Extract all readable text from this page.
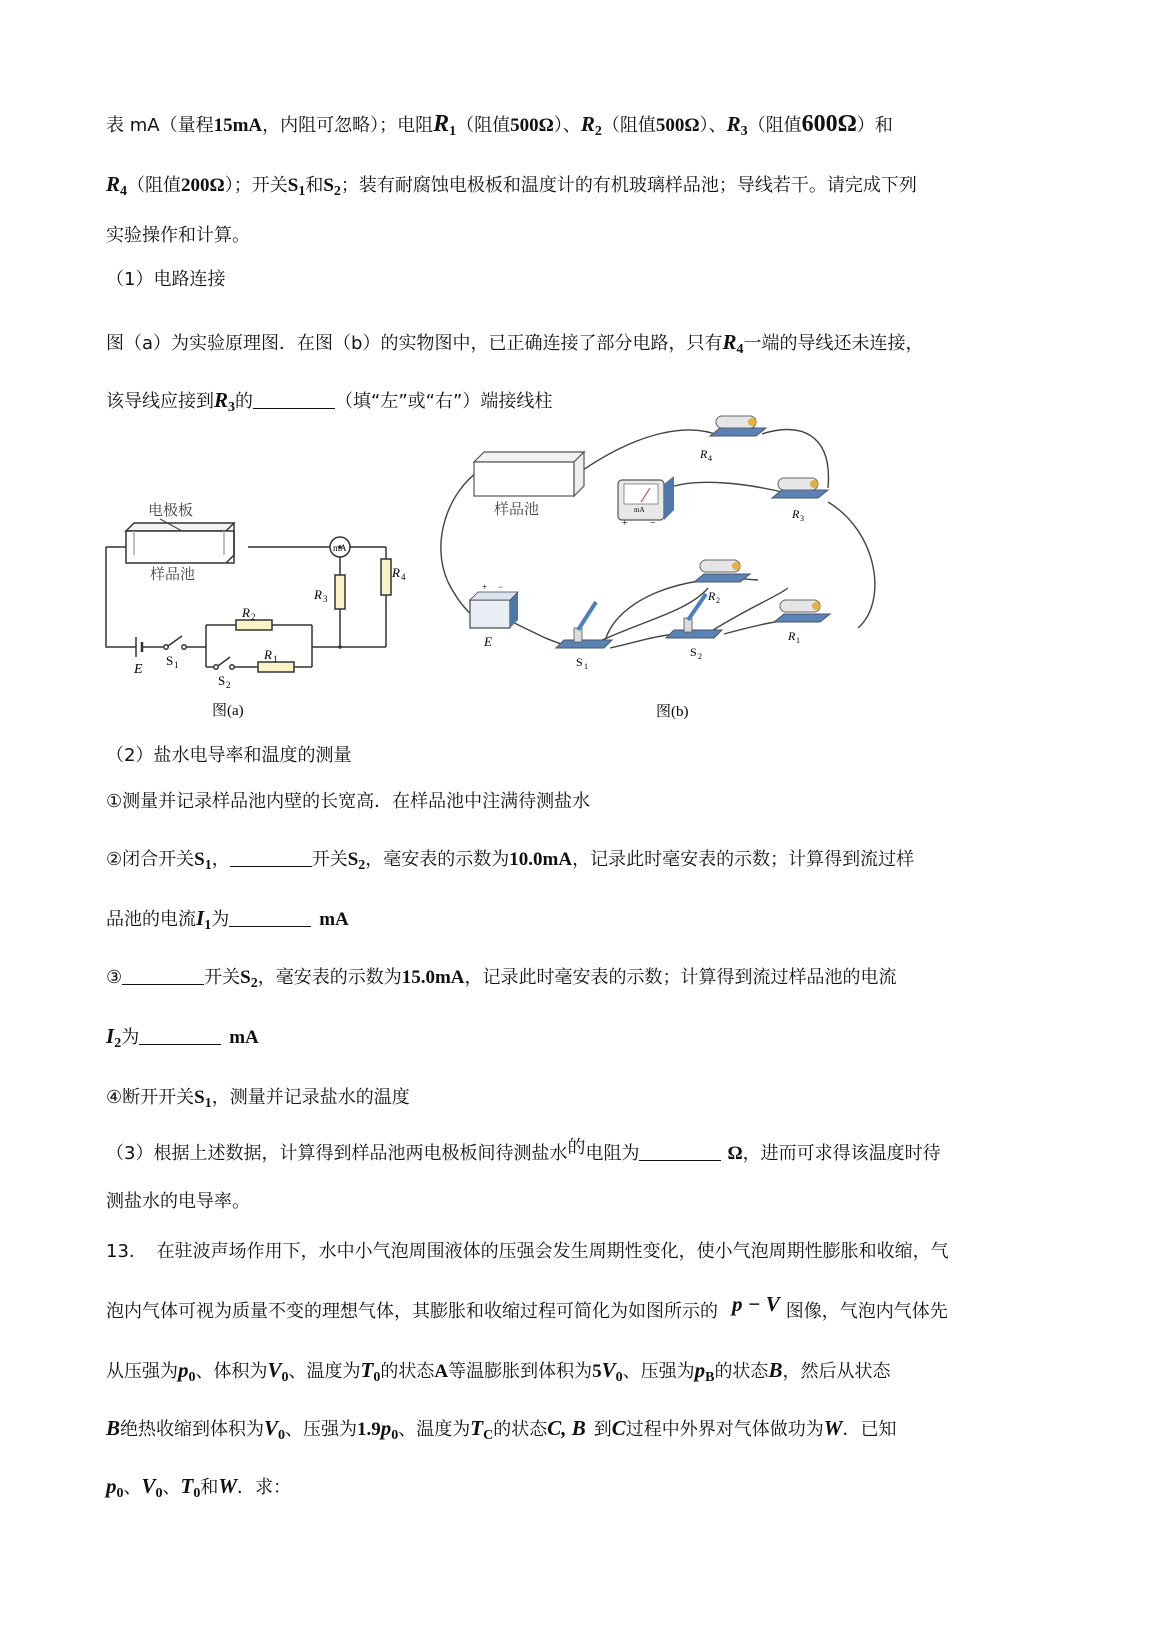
表 mA（量程15mA，内阻可忽略）；电阻$R_1$（阻值500Ω）、$R_2$（阻值500Ω）、$R_3$（阻值600Ω）和
$R_4$（阻值200Ω）；开关$S_1$和$S_2$；装有耐腐蚀电极板和温度计的有机玻璃样品池；导线若干。请完成下列
实验操作和计算。
（1）电路连接
图（a）为实验原理图．在图（b）的实物图中，已正确连接了部分电路，只有$R_4$一端的导线还未连接，
该导线应接到$R_3$的	（填“左”或“右”）端接线柱
mA
电极板
样品池
R 2
R 1
R 3
R 4
E
S 1
S 2
图(a)
样品池	mA
+ −
R 4
R 3
R 2
R 1
+ −
E
S 1
S 2
图(b)
（2）盐水电导率和温度的测量
①测量并记录样品池内壁的长宽高．在样品池中注满待测盐水
②闭合开关$S_1$，	开关$S_2$，毫安表的示数为10.0mA，记录此时毫安表的示数；计算得到流过样
品池的电流$I_1$为	mA
③	开关$S_2$，毫安表的示数为15.0mA，记录此时毫安表的示数；计算得到流过样品池的电流
$I_2$为	mA
④断开开关$S_1$，测量并记录盐水的温度
（3）根据上述数据，计算得到样品池两电极板间待测盐水的电阻为	Ω，进而可求得该温度时待
测盐水的电导率。
13. 在驻波声场作用下，水中小气泡周围液体的压强会发生周期性变化，使小气泡周期性膨胀和收缩，气
泡内气体可视为质量不变的理想气体，其膨胀和收缩过程可简化为如图所示的 p − V 图像，气泡内气体先
从压强为$p_0$、体积为$V_0$、温度为$T_0$的状态A等温膨胀到体积为$5V_0$、压强为$p_B$的状态B，然后从状态
B绝热收缩到体积为$V_0$、压强为$1.9p_0$、温度为$T_C$的状态C, B 到C过程中外界对气体做功为W．已知
$p_0$、$V_0$、$T_0$和W．求：
